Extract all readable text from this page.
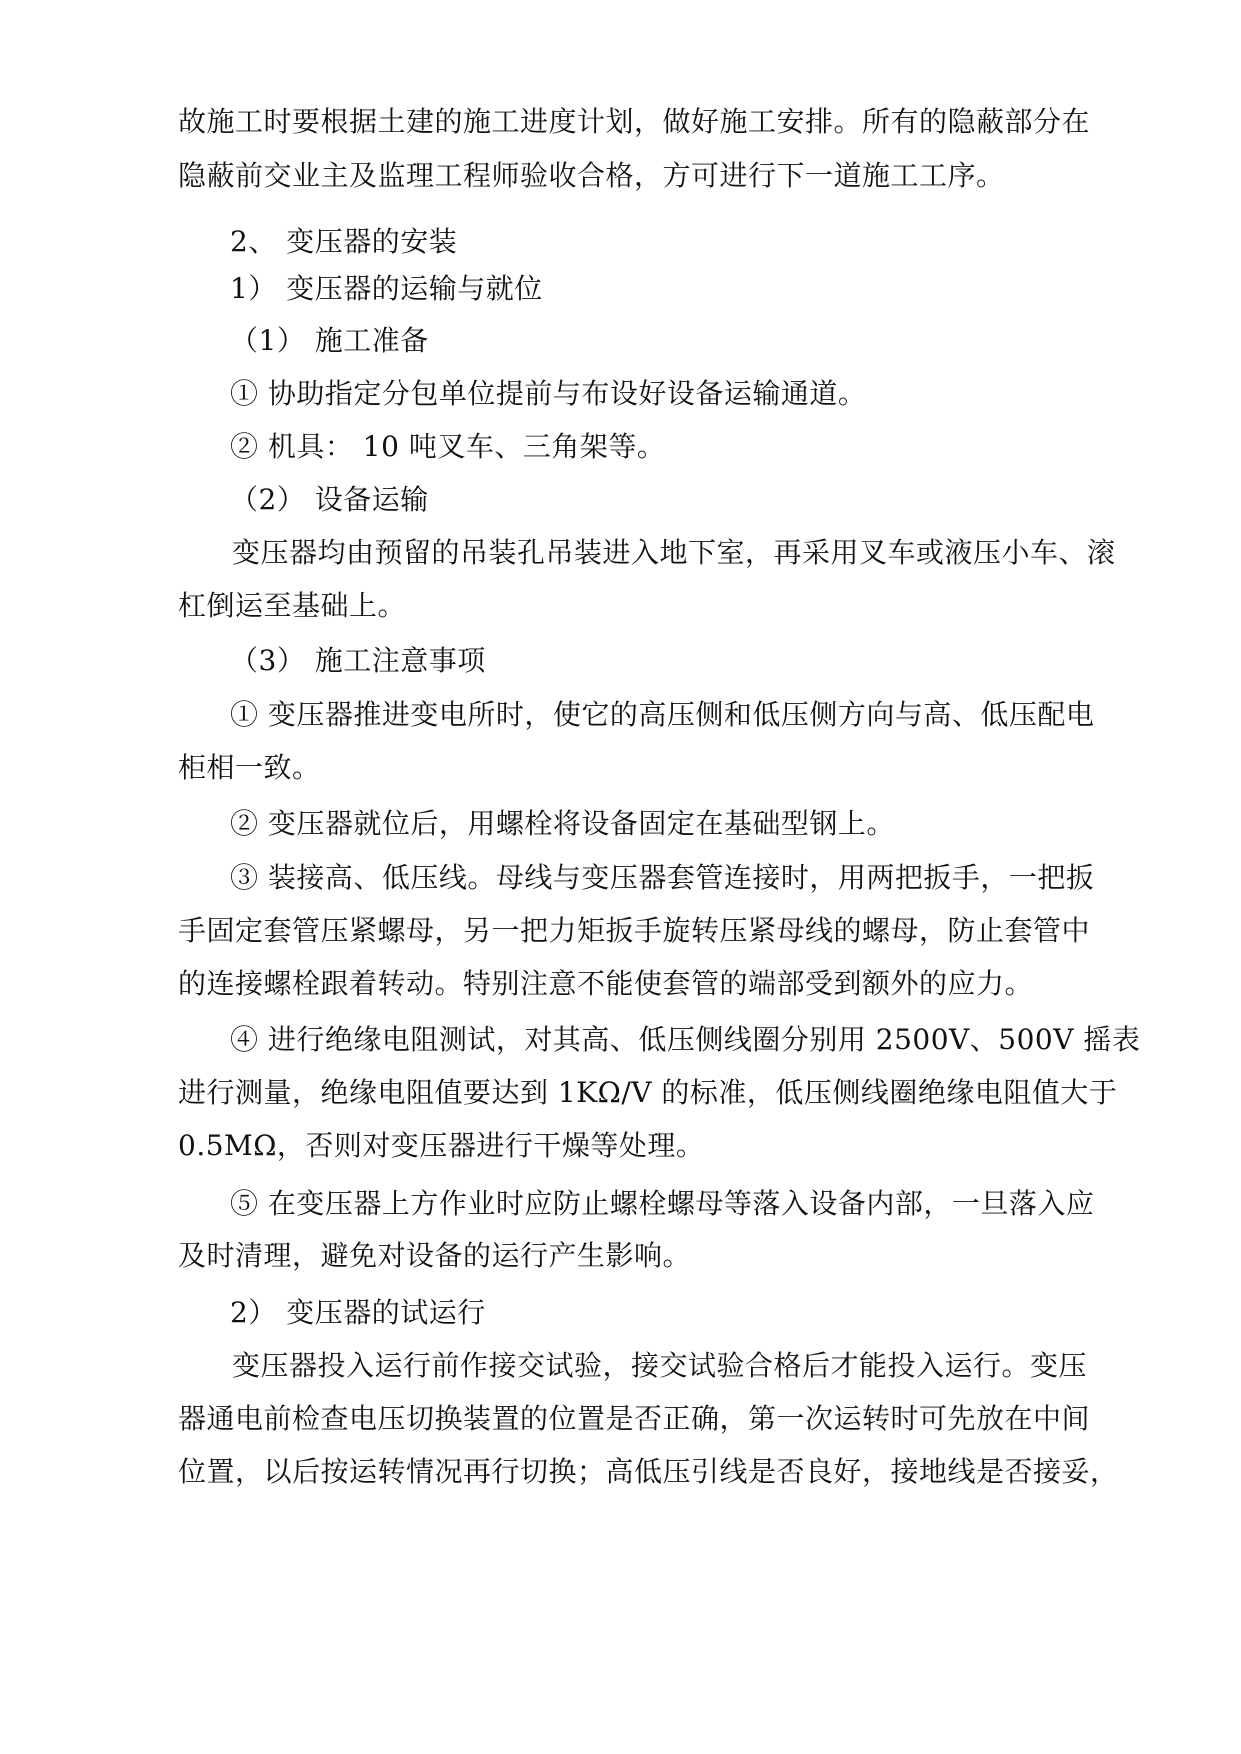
故施工时要根据土建的施工进度计划，做好施工安排。所有的隐蔽部分在
隐蔽前交业主及监理工程师验收合格，方可进行下一道施工工序。
2、 变压器的安装
1） 变压器的运输与就位
（1） 施工准备
① 协助指定分包单位提前与布设好设备运输通道。
② 机具： 10 吨叉车、三角架等。
（2） 设备运输
变压器均由预留的吊装孔吊装进入地下室，再采用叉车或液压小车、滚
杠倒运至基础上。
（3） 施工注意事项
① 变压器推进变电所时，使它的高压侧和低压侧方向与高、低压配电
柜相一致。
② 变压器就位后，用螺栓将设备固定在基础型钢上。
③ 装接高、低压线。母线与变压器套管连接时，用两把扳手，一把扳
手固定套管压紧螺母，另一把力矩扳手旋转压紧母线的螺母，防止套管中
的连接螺栓跟着转动。特别注意不能使套管的端部受到额外的应力。
④ 进行绝缘电阻测试，对其高、低压侧线圈分别用 2500V、500V 摇表
进行测量，绝缘电阻值要达到 1KΩ/V 的标准，低压侧线圈绝缘电阻值大于
0.5MΩ，否则对变压器进行干燥等处理。
⑤ 在变压器上方作业时应防止螺栓螺母等落入设备内部，一旦落入应
及时清理，避免对设备的运行产生影响。
2） 变压器的试运行
变压器投入运行前作接交试验，接交试验合格后才能投入运行。变压
器通电前检查电压切换装置的位置是否正确，第一次运转时可先放在中间
位置，以后按运转情况再行切换；高低压引线是否良好，接地线是否接妥，
